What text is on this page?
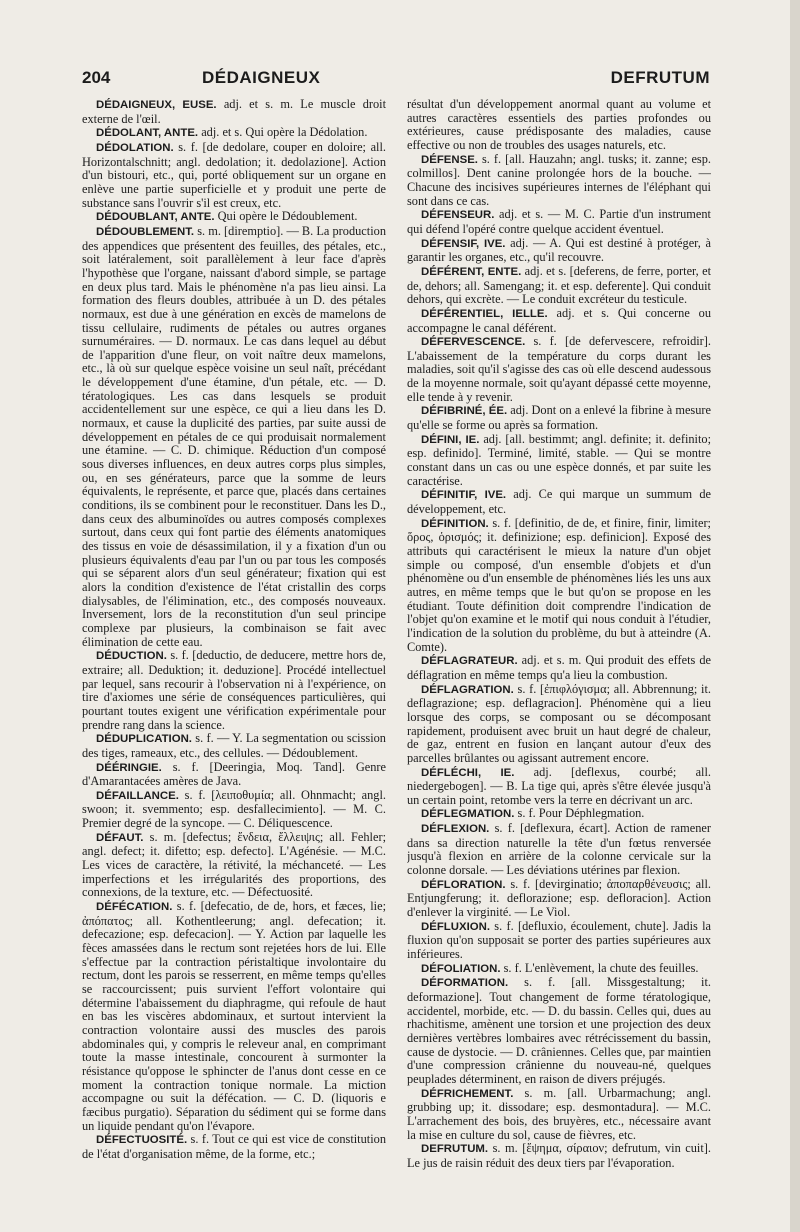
204	DÉDAIGNEUX	DEFRUTUM

DÉDAIGNEUX, EUSE. adj. et s. m. Le muscle droit externe de l'œil.

DÉDOLANT, ANTE. adj. et s. Qui opère la Dédolation.

DÉDOLATION. s. f. [de dedolare, couper en doloire; all. Horizontalschnitt; angl. dedolation; it. dedolazione]. Action d'un bistouri, etc., qui, porté obliquement sur un organe en enlève une partie superficielle et y produit une perte de substance sans l'ouvrir s'il est creux, etc.

DÉDOUBLANT, ANTE. Qui opère le Dédoublement.

DÉDOUBLEMENT. s. m. [diremptio]. — B. La production des appendices que présentent des feuilles, des pétales, etc., soit latéralement, soit parallèlement à leur face d'après l'hypothèse que l'organe, naissant d'abord simple, se partage en deux plus tard. Mais le phénomène n'a pas lieu ainsi. La formation des fleurs doubles, attribuée à un D. des pétales normaux, est due à une génération en excès de mamelons de tissu cellulaire, rudiments de pétales ou autres organes surnuméraires. — D. normaux. Le cas dans lequel au début de l'apparition d'une fleur, on voit naître deux mamelons, etc., là où sur quelque espèce voisine un seul naît, précédant le développement d'une étamine, d'un pétale, etc. — D. tératologiques. Les cas dans lesquels se produit accidentellement sur une espèce, ce qui a lieu dans les D. normaux, et cause la duplicité des parties, par suite aussi de développement en pétales de ce qui produisait normalement une étamine. — C. D. chimique. Réduction d'un composé sous diverses influences, en deux autres corps plus simples, ou, en ses générateurs, parce que la somme de leurs équivalents, le représente, et parce que, placés dans certaines conditions, ils se combinent pour le reconstituer. Dans les D., dans ceux des albuminoïdes ou autres composés complexes surtout, dans ceux qui font partie des éléments anatomiques des tissus en voie de désassimilation, il y a fixation d'un ou plusieurs équivalents d'eau par l'un ou par tous les composés qui se séparent alors d'un seul générateur; fixation qui est alors la condition d'existence de l'état cristallin des corps dialysables, de l'élimination, etc., des composés nouveaux. Inversement, lors de la reconstitution d'un seul principe complexe par plusieurs, la combinaison se fait avec élimination de cette eau.

DÉDUCTION. s. f. [deductio, de deducere, mettre hors de, extraire; all. Deduktion; it. deduzione]. Procédé intellectuel par lequel, sans recourir à l'observation ni à l'expérience, on tire d'axiomes une série de conséquences particulières, qui pourtant toutes exigent une vérification expérimentale pour prendre rang dans la science.

DÉDUPLICATION. s. f. — Y. La segmentation ou scission des tiges, rameaux, etc., des cellules. — Dédoublement.

DÉÉRINGIE. s. f. [Deeringia, Moq. Tand]. Genre d'Amarantacées amères de Java.

DÉFAILLANCE. s. f. [λειποθυμία; all. Ohnmacht; angl. swoon; it. svemmento; esp. desfallecimiento]. — M. C. Premier degré de la syncope. — C. Déliquescence.

DÉFAUT. s. m. [defectus; ἔνδεια, ἔλλειψις; all. Fehler; angl. defect; it. difetto; esp. defecto]. L'Agénésie. — M.C. Les vices de caractère, la rétivité, la méchanceté. — Les imperfections et les irrégularités des proportions, des connexions, de la texture, etc. — Défectuosité.

DÉFÉCATION. s. f. [defecatio, de de, hors, et fæces, lie; ἀπόπατος; all. Kothentleerung; angl. defecation; it. defecazione; esp. defecacion]. — Y. Action par laquelle les fèces amassées dans le rectum sont rejetées hors de lui. Elle s'effectue par la contraction péristaltique involontaire du rectum, dont les parois se resserrent, en même temps qu'elles se raccourcissent; puis survient l'effort volontaire qui détermine l'abaissement du diaphragme, qui refoule de haut en bas les viscères abdominaux, et surtout intervient la contraction volontaire aussi des muscles des parois abdominales qui, y compris le releveur anal, en comprimant toute la masse intestinale, concourent à surmonter la résistance qu'oppose le sphincter de l'anus dont cesse en ce moment la contraction tonique normale. La miction accompagne ou suit la défécation. — C. D. (liquoris e fæcibus purgatio). Séparation du sédiment qui se forme dans un liquide pendant qu'on l'évapore.

DÉFECTUOSITÉ. s. f. Tout ce qui est vice de constitution de l'état d'organisation même, de la forme, etc.;

résultat d'un développement anormal quant au volume et autres caractères essentiels des parties profondes ou extérieures, cause prédisposante des maladies, cause effective ou non de troubles des usages naturels, etc.

DÉFENSE. s. f. [all. Hauzahn; angl. tusks; it. zanne; esp. colmillos]. Dent canine prolongée hors de la bouche. — Chacune des incisives supérieures internes de l'éléphant qui sont dans ce cas.

DÉFENSEUR. adj. et s. — M. C. Partie d'un instrument qui défend l'opéré contre quelque accident éventuel.

DÉFENSIF, IVE. adj. — A. Qui est destiné à protéger, à garantir les organes, etc., qu'il recouvre.

DÉFÉRENT, ENTE. adj. et s. [deferens, de ferre, porter, et de, dehors; all. Samengang; it. et esp. deferente]. Qui conduit dehors, qui excrète. — Le conduit excréteur du testicule.

DÉFÉRENTIEL, IELLE. adj. et s. Qui concerne ou accompagne le canal déférent.

DÉFERVESCENCE. s. f. [de defervescere, refroidir]. L'abaissement de la température du corps durant les maladies, soit qu'il s'agisse des cas où elle descend audessous de la moyenne normale, soit qu'ayant dépassé cette moyenne, elle tende à y revenir.

DÉFIBRINÉ, ÉE. adj. Dont on a enlevé la fibrine à mesure qu'elle se forme ou après sa formation.

DÉFINI, IE. adj. [all. bestimmt; angl. definite; it. definito; esp. definido]. Terminé, limité, stable. — Qui se montre constant dans un cas ou une espèce donnés, et par suite les caractérise.

DÉFINITIF, IVE. adj. Ce qui marque un summum de développement, etc.

DÉFINITION. s. f. [definitio, de de, et finire, finir, limiter; ὅρος, ὁρισμός; it. definizione; esp. definicion]. Exposé des attributs qui caractérisent le mieux la nature d'un objet simple ou composé, d'un ensemble d'objets et d'un phénomène ou d'un ensemble de phénomènes liés les uns aux autres, en même temps que le but qu'on se propose en les étudiant. Toute définition doit comprendre l'indication de l'objet qu'on examine et le motif qui nous conduit à l'étudier, l'indication de la solution du problème, du but à atteindre (A. Comte).

DÉFLAGRATEUR. adj. et s. m. Qui produit des effets de déflagration en même temps qu'a lieu la combustion.

DÉFLAGRATION. s. f. [ἐπιφλόγισμα; all. Abbrennung; it. deflagrazione; esp. deflagracion]. Phénomène qui a lieu lorsque des corps, se composant ou se décomposant rapidement, produisent avec bruit un haut degré de chaleur, de gaz, entrent en fusion en lançant autour d'eux des parcelles brûlantes ou agissant autrement encore.

DÉFLÉCHI, IE. adj. [deflexus, courbé; all. niedergebogen]. — B. La tige qui, après s'être élevée jusqu'à un certain point, retombe vers la terre en décrivant un arc.

DÉFLEGMATION. s. f. Pour Déphlegmation.

DÉFLEXION. s. f. [deflexura, écart]. Action de ramener dans sa direction naturelle la tête d'un fœtus renversée jusqu'à flexion en arrière de la colonne cervicale sur la colonne dorsale. — Les déviations utérines par flexion.

DÉFLORATION. s. f. [devirginatio; ἀποπαρθένευσις; all. Entjungferung; it. deflorazione; esp. defloracion]. Action d'enlever la virginité. — Le Viol.

DÉFLUXION. s. f. [defluxio, écoulement, chute]. Jadis la fluxion qu'on supposait se porter des parties supérieures aux inférieures.

DÉFOLIATION. s. f. L'enlèvement, la chute des feuilles.

DÉFORMATION. s. f. [all. Missgestaltung; it. deformazione]. Tout changement de forme tératologique, accidentel, morbide, etc. — D. du bassin. Celles qui, dues au rhachitisme, amènent une torsion et une projection des deux dernières vertèbres lombaires avec rétrécissement du bassin, cause de dystocie. — D. crâniennes. Celles que, par maintien d'une compression crânienne du nouveau-né, quelques peuplades déterminent, en raison de divers préjugés.

DÉFRICHEMENT. s. m. [all. Urbarmachung; angl. grubbing up; it. dissodare; esp. desmontadura]. — M.C. L'arrachement des bois, des bruyères, etc., nécessaire avant la mise en culture du sol, cause de fièvres, etc.

DEFRUTUM. s. m. [ἕψημα, σίραιον; defrutum, vin cuit]. Le jus de raisin réduit des deux tiers par l'évaporation.
